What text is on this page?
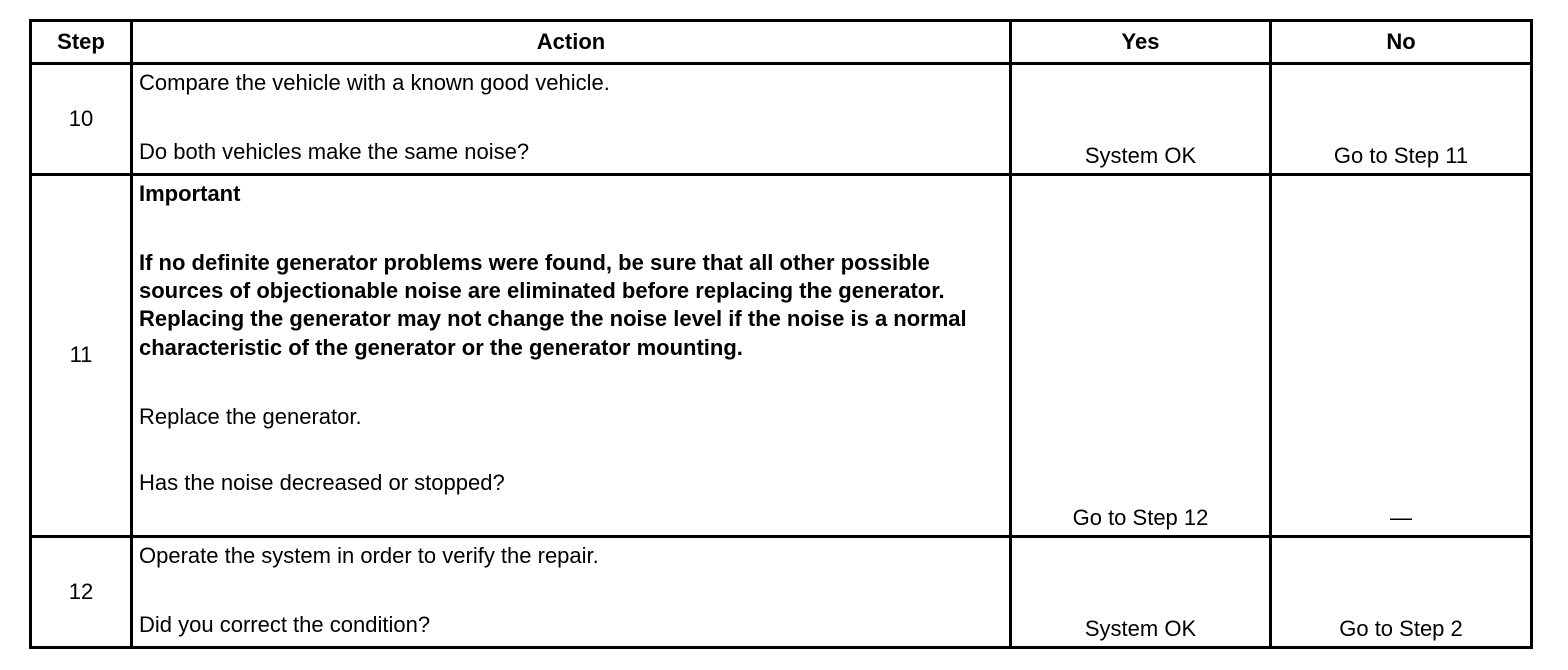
Step	Action	Yes	No
10	Compare the vehicle with a known good vehicle.

Do both vehicles make the same noise?	System OK	Go to Step 11
11	Important

If no definite generator problems were found, be sure that all other possible sources of objectionable noise are eliminated before replacing the generator. Replacing the generator may not change the noise level if the noise is a normal characteristic of the generator or the generator mounting.

Replace the generator.

Has the noise decreased or stopped?	Go to Step 12	—
12	Operate the system in order to verify the repair.

Did you correct the condition?	System OK	Go to Step 2
